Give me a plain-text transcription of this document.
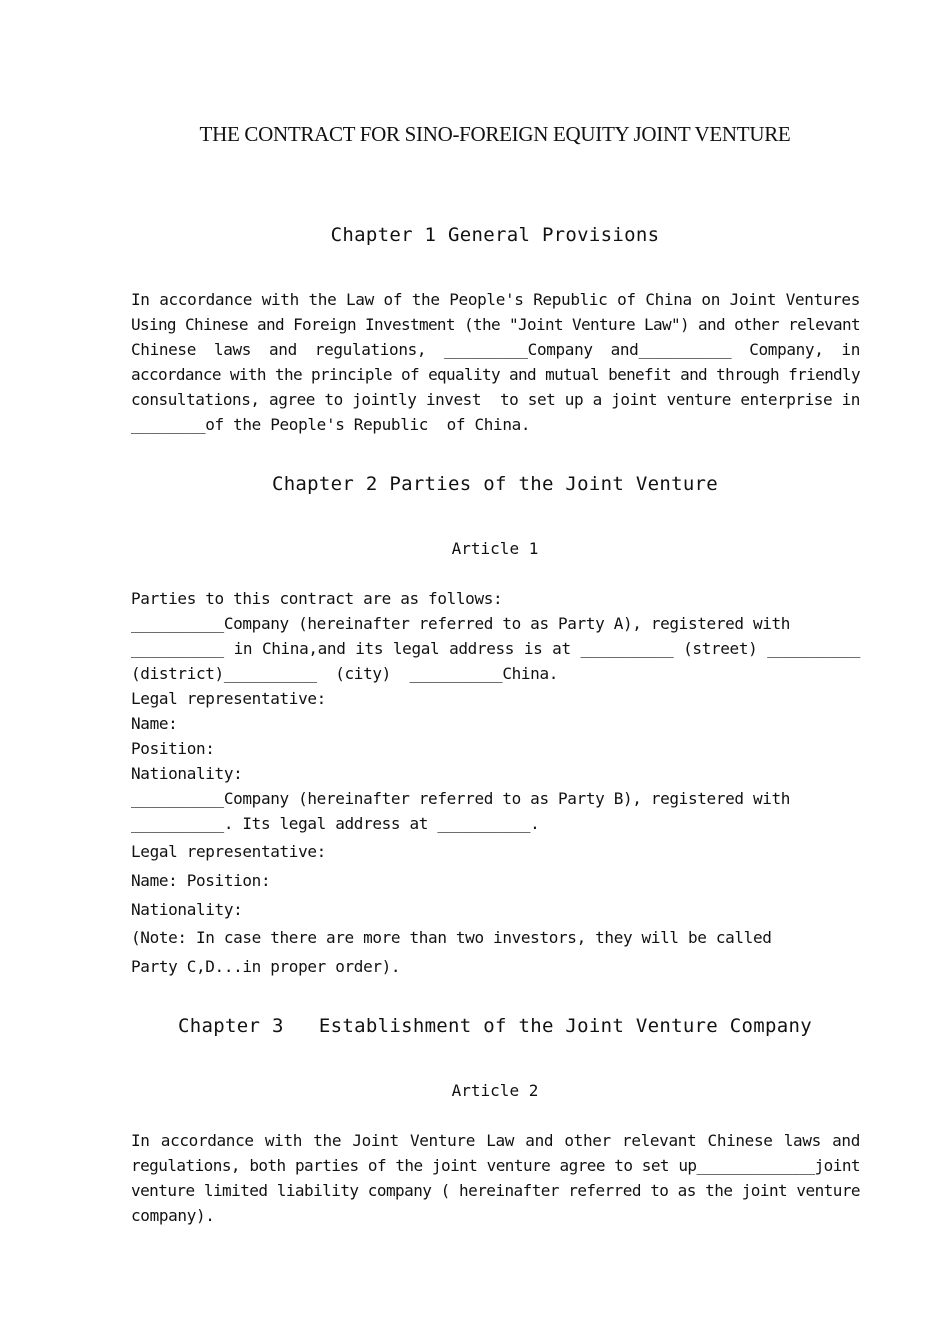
THE CONTRACT FOR SINO-FOREIGN EQUITY JOINT VENTURE
Chapter 1 General Provisions
In accordance with the Law of the People's Republic of China on Joint Ventures
Using Chinese and Foreign Investment (the "Joint Venture Law") and other relevant
Chinese laws and regulations, _________Company and__________ Company, in
accordance with the principle of equality and mutual benefit and through friendly
consultations, agree to jointly invest  to set up a joint venture enterprise in
________of the People's Republic  of China.
Chapter 2 Parties of the Joint Venture
Article 1
Parties to this contract are as follows:
__________Company (hereinafter referred to as Party A), registered with
__________ in China,and its legal address is at __________ (street) __________
(district)__________  (city)  __________China.
Legal representative:
Name:
Position:
Nationality:
__________Company (hereinafter referred to as Party B), registered with
__________. Its legal address at __________.
Legal representative:
Name: Position:
Nationality:
(Note: In case there are more than two investors, they will be called
Party C,D...in proper order).
Chapter 3   Establishment of the Joint Venture Company
Article 2
In accordance with the Joint Venture Law and other relevant Chinese laws and
regulations, both parties of the joint venture agree to set up_____________joint
venture limited liability company ( hereinafter referred to as the joint venture
company).
